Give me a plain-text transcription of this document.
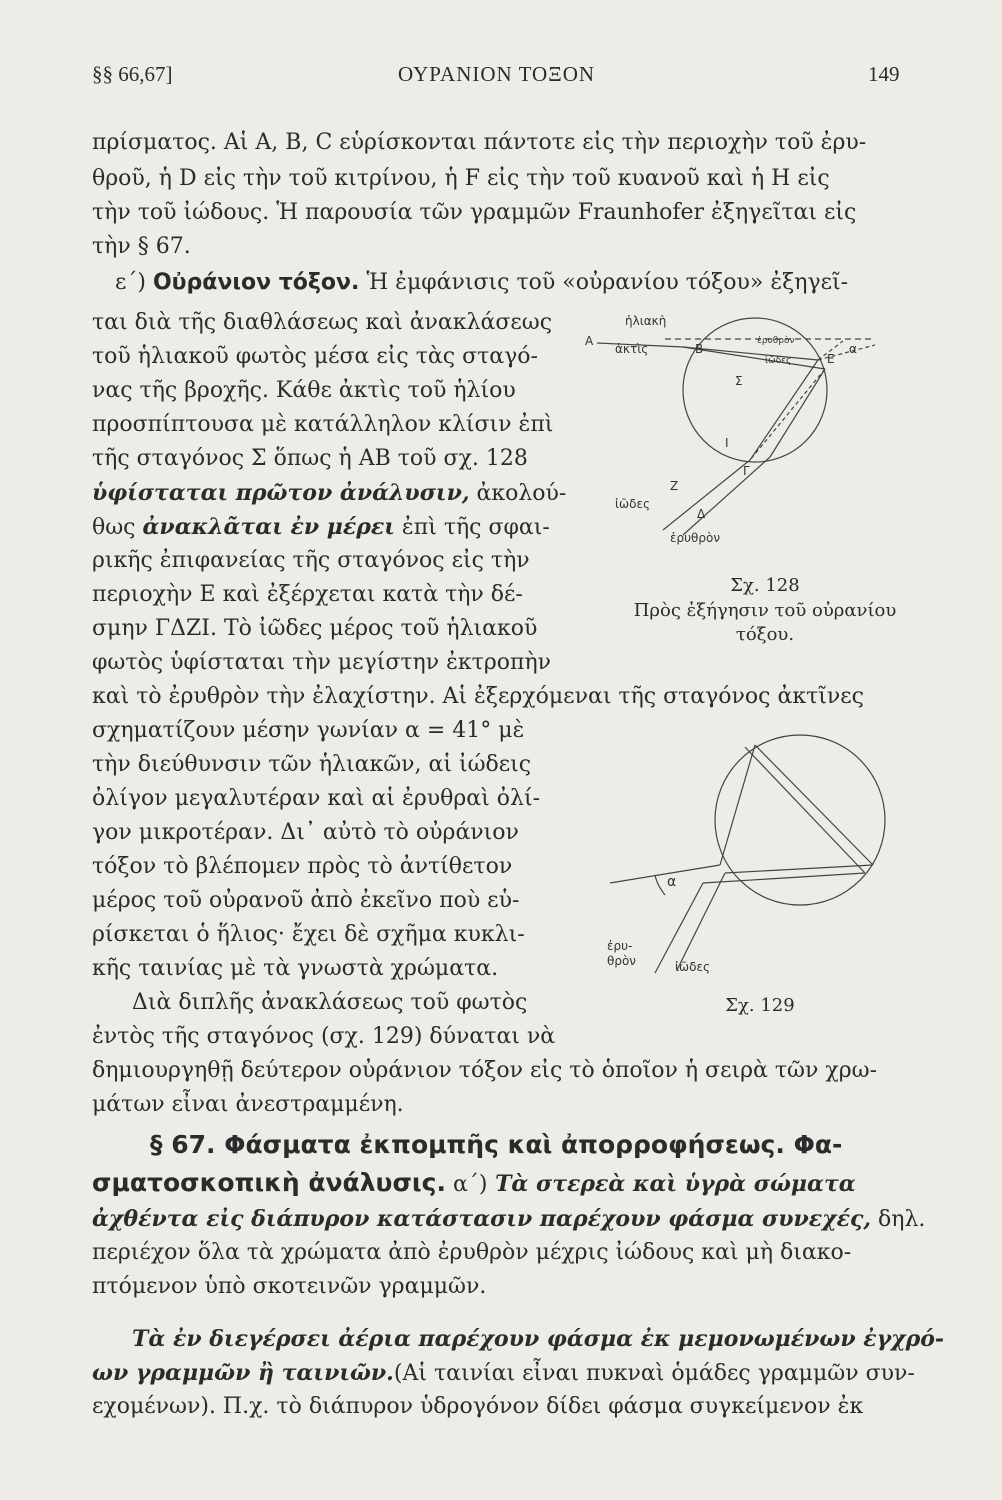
§§ 66,67]	ΟΥΡΑΝΙΟΝ ΤΟΞΟΝ	149
πρίσματος. Αἱ Α, Β, C εὑρίσκονται πάντοτε εἰς τὴν περιοχὴν τοῦ ἐρυ-
θροῦ, ἡ D εἰς τὴν τοῦ κιτρίνου, ἡ F εἰς τὴν τοῦ κυανοῦ καὶ ἡ Η εἰς
τὴν τοῦ ἰώδους. Ἡ παρουσία τῶν γραμμῶν Fraunhofer ἐξηγεῖται εἰς
τὴν § 67.
ε΄) Οὐράνιον τόξον. Ἡ ἐμφάνισις τοῦ «οὐρανίου τόξου» ἐξηγεῖ-
ται διὰ τῆς διαθλάσεως καὶ ἀνακλάσεως
τοῦ ἡλιακοῦ φωτὸς μέσα εἰς τὰς σταγό-
νας τῆς βροχῆς. Κάθε ἀκτὶς τοῦ ἡλίου
προσπίπτουσα μὲ κατάλληλον κλίσιν ἐπὶ
τῆς σταγόνος Σ ὅπως ἡ ΑΒ τοῦ σχ. 128
ὑφίσταται πρῶτον ἀνάλυσιν, ἀκολού-
θως ἀνακλᾶται ἐν μέρει ἐπὶ τῆς σφαι-
ρικῆς ἐπιφανείας τῆς σταγόνος εἰς τὴν
περιοχὴν Ε καὶ ἐξέρχεται κατὰ τὴν δέ-
σμην ΓΔΖΙ. Τὸ ἰῶδες μέρος τοῦ ἡλιακοῦ
φωτὸς ὑφίσταται τὴν μεγίστην ἐκτροπὴν
καὶ τὸ ἐρυθρὸν τὴν ἐλαχίστην. Αἱ ἐξερχόμεναι τῆς σταγόνος ἀκτῖνες
σχηματίζουν μέσην γωνίαν α = 41° μὲ
τὴν διεύθυνσιν τῶν ἡλιακῶν, αἱ ἰώδεις
ὀλίγον μεγαλυτέραν καὶ αἱ ἐρυθραὶ ὀλί-
γον μικροτέραν. Δι᾿ αὐτὸ τὸ οὐράνιον
τόξον τὸ βλέπομεν πρὸς τὸ ἀντίθετον
μέρος τοῦ οὐρανοῦ ἀπὸ ἐκεῖνο ποὺ εὑ-
ρίσκεται ὁ ἥλιος· ἔχει δὲ σχῆμα κυκλι-
κῆς ταινίας μὲ τὰ γνωστὰ χρώματα.
Διὰ διπλῆς ἀνακλάσεως τοῦ φωτὸς
ἐντὸς τῆς σταγόνος (σχ. 129) δύναται νὰ
δημιουργηθῇ δεύτερον οὐράνιον τόξον εἰς τὸ ὁποῖον ἡ σειρὰ τῶν χρω-
μάτων εἶναι ἀνεστραμμένη.
§ 67. Φάσματα ἐκπομπῆς καὶ ἀπορροφήσεως. Φα-
σματοσκοπικὴ ἀνάλυσις. α΄) Τὰ στερεὰ καὶ ὑγρὰ σώματα
ἀχθέντα εἰς διάπυρον κατάστασιν παρέχουν φάσμα συνεχές, δηλ.
περιέχον ὅλα τὰ χρώματα ἀπὸ ἐρυθρὸν μέχρις ἰώδους καὶ μὴ διακο-
πτόμενον ὑπὸ σκοτεινῶν γραμμῶν.
Τὰ ἐν διεγέρσει ἀέρια παρέχουν φάσμα ἐκ μεμονωμένων ἐγχρό-
ων γραμμῶν ἢ ταινιῶν.(Αἱ ταινίαι εἶναι πυκναὶ ὁμάδες γραμμῶν συν-
εχομένων). Π.χ. τὸ διάπυρον ὑδρογόνον δίδει φάσμα συγκείμενον ἐκ
ἡλιακὴ
ἀκτὶς
Α
Β
Ε
Σ
Ι
Γ
Ζ
Δ
α
ἐρυθρὸν
ἰῶδες
ἰῶδες
ἐρυθρὸν
Σχ. 128
Πρὸς ἐξήγησιν τοῦ οὐρανίου
τόξου.
α
ἐρυ-
θρὸν	ἰῶδες
Σχ. 129
